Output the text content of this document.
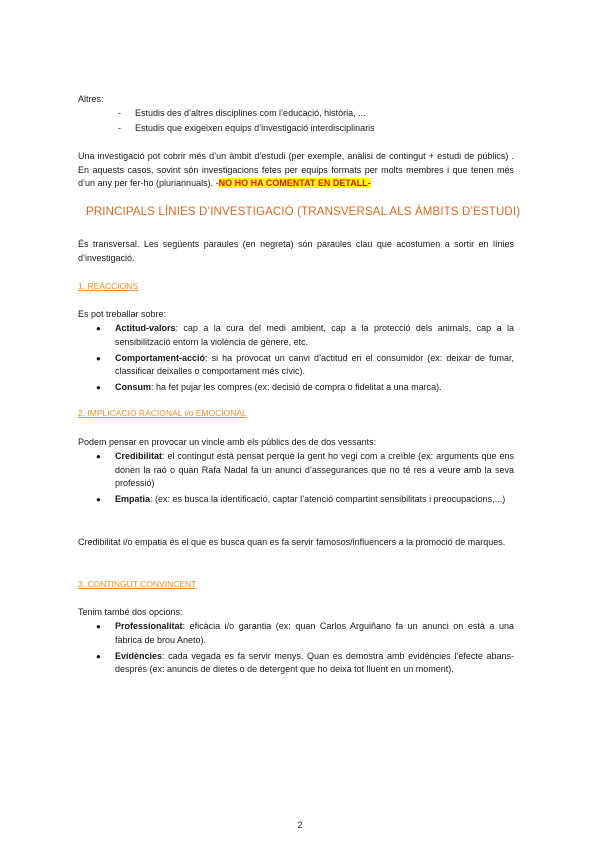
Altres:

- Estudis des d’altres disciplines com l’educació, història, ...
- Estudis que exigeixen equips d’investigació interdisciplinaris

Una investigació pot cobrir més d’un àmbit d’estudi (per exemple, anàlisi de contingut + estudi de públics) . En aquests casos, sovint són investigacions fetes per equips formats per molts membres i que tenen més d’un any per fer-ho (pluriannuals). -NO HO HA COMENTAT EN DETALL-

PRINCIPALS LÍNIES D’INVESTIGACIÓ (TRANSVERSAL ALS ÀMBITS D’ESTUDI)

És transversal. Les següents paraules (en negreta) són paraules clau que acostumen a sortir en línies d’investigació.

1. REACCIONS

Es pot treballar sobre:

● Actitud-valors: cap a la cura del medi ambient, cap a la protecció dels animals, cap a la sensibilització entorn la violència de gènere, etc.
● Comportament-acció: si ha provocat un canvi d’actitud en el consumidor (ex: deixar de fumar, classificar deixalles o comportament més cívic).
● Consum: ha fet pujar les compres (ex: decisió de compra o fidelitat a una marca).

2. IMPLICACIÓ RACIONAL i/o EMOCIONAL

Podem pensar en provocar un vincle amb els públics des de dos vessants:

● Credibilitat: el contingut està pensat perquè la gent ho vegi com a creïble (ex: arguments que ens donen la raó o quan Rafa Nadal fa un anunci d’assegurances que no té res a veure amb la seva professió)
● Empatia: (ex: es busca la identificació, captar l’atenció compartint sensibilitats i preocupacions,...)

Credibilitat i/o empatia és el que es busca quan es fa servir famosos/influencers a la promoció de marques.

3. CONTINGUT CONVINCENT

Tenim també dos opcions:

● Professionalitat: eficàcia i/o garantia (ex: quan Carlos Arguiñano fa un anunci on està a una fàbrica de brou Aneto).
● Evidències: cada vegada es fa servir menys. Quan es demostra amb evidències l’efecte abans-després (ex: anuncis de dietes o de detergent que ho deixa tot lluent en un moment).
2
